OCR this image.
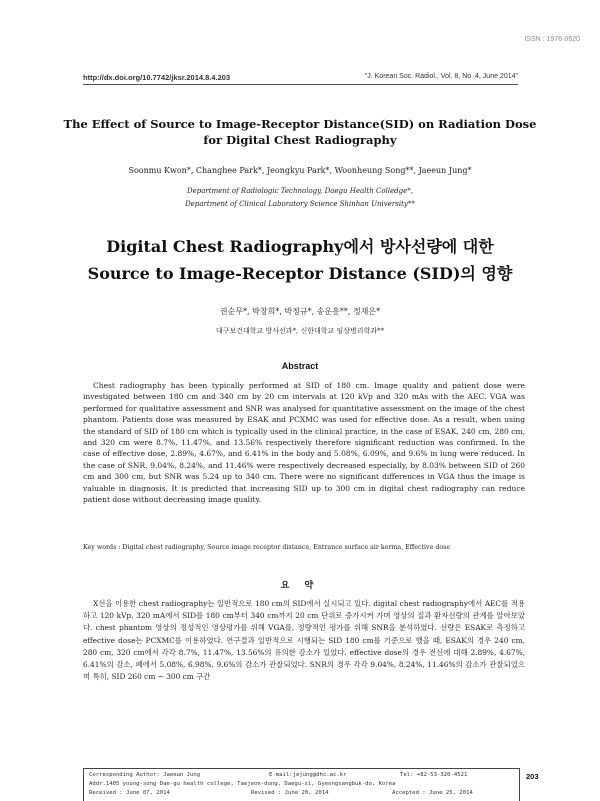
ISSN : 1976-0620
http://dx.doi.org/10.7742/jksr.2014.8.4.203	"J. Korean Soc. Radiol., Vol. 8, No. 4, June 2014"
The Effect of Source to Image-Receptor Distance(SID) on Radiation Dose
for Digital Chest Radiography
Soonmu Kwon*, Changhee Park*, Jeongkyu Park*, Woonheung Song**, Jaeeun Jung*
Department of Radiologic Technology, Daegu Health Colledge*,
Department of Clinical Laboratory Science Shinhan University**
Digital Chest Radiography에서 방사선량에 대한
Source to Image-Receptor Distance (SID)의 영향
권순무*, 박창희*, 박정규*, 송운흥**, 정재은*
대구보건대학교 방사선과*, 신한대학교 임상병리학과**
Abstract
Chest radiography has been typically performed at SID of 180 cm. Image quality and patient dose were investigated between 180 cm and 340 cm by 20 cm intervals at 120 kVp and 320 mAs with the AEC. VGA was performed for qualitative assessment and SNR was analysed for quantitative assessment on the image of the chest phantom. Patients dose was measured by ESAK and PCXMC was used for effective dose. As a result, when using the standard of SID of 180 cm which is typically used in the clinical practice, in the case of ESAK, 240 cm, 280 cm, and 320 cm were 8.7%, 11.47%, and 13.56% respectively therefore significant reduction was confirmed. In the case of effective dose, 2.89%, 4.67%, and 6.41% in the body and 5.08%, 6.09%, and 9.6% in lung were reduced. In the case of SNR, 9.04%, 8.24%, and 11.46% were respectively decreased especially, by 8.03% between SID of 260 cm and 300 cm, but SNR was 5.24 up to 340 cm. There were no significant differences in VGA thus the image is valuable in diagnosis. It is predicted that increasing SID up to 300 cm in digital chest radiography can reduce patient dose without decreasing image quality.
Key words : Digital chest radiography, Source image receptor distance, Entrance surface air kerma, Effective dose
요 약
X선을 이용한 chest radiography는 일반적으로 180 cm의 SID에서 실시되고 있다. digital chest radiography에서 AEC를 적용하고 120 kVp, 320 mA에서 SID를 180 cm부터 340 cm까지 20 cm 단위로 증가시켜 가며 영상의 질과 환자선량의 관계를 알아보았다. chest phantom 영상의 정성적인 영상평가를 위해 VGA를, 정량적인 평가를 위해 SNR을 분석하였다. 선량은 ESAK로 측정하고 effective dose는 PCXMC를 이용하였다. 연구결과 일반적으로 시행되는 SID 180 cm를 기준으로 했을 때, ESAK의 경우 240 cm, 280 cm, 320 cm에서 각각 8.7%, 11.47%, 13.56%의 유의한 감소가 있었다. effective dose의 경우 전신에 대해 2.89%, 4.67%, 6.41%의 감소, 폐에서 5.08%, 6.98%, 9.6%의 감소가 관찰되었다. SNR의 경우 각각 9.04%, 8.24%, 11.46%의 감소가 관찰되었으며 특히, SID 260 cm ~ 300 cm 구간
Corresponding Author: Jaeeun Jung	E-mail:jejung@dhc.ac.kr	Tel: +82-53-320-4521
Addr.1405 young-song Dae-gu health college, Taejeon-dong, Daegu-si, Gyeongsangbuk-do, Korea
Received : June 07, 2014	Revised : June 20, 2014	Accepted : June 25, 2014
203
